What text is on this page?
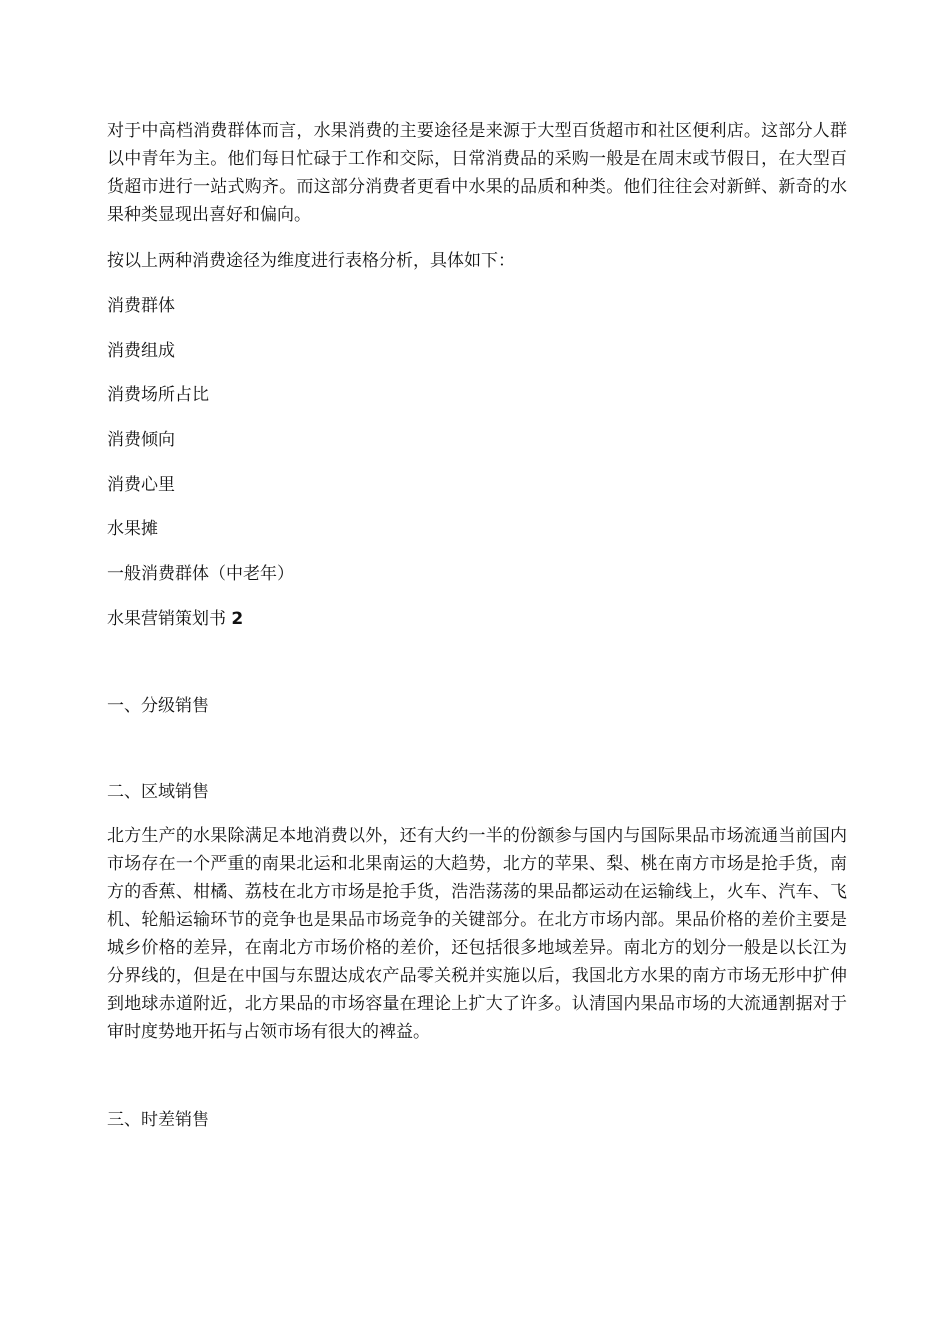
对于中高档消费群体而言，水果消费的主要途径是来源于大型百货超市和社区便利店。这部分人群以中青年为主。他们每日忙碌于工作和交际，日常消费品的采购一般是在周末或节假日，在大型百货超市进行一站式购齐。而这部分消费者更看中水果的品质和种类。他们往往会对新鲜、新奇的水果种类显现出喜好和偏向。

按以上两种消费途径为维度进行表格分析，具体如下：

消费群体

消费组成

消费场所占比

消费倾向

消费心里

水果摊

一般消费群体（中老年）

水果营销策划书 2

一、分级销售

二、区域销售

北方生产的水果除满足本地消费以外，还有大约一半的份额参与国内与国际果品市场流通当前国内市场存在一个严重的南果北运和北果南运的大趋势，北方的苹果、梨、桃在南方市场是抢手货，南方的香蕉、柑橘、荔枝在北方市场是抢手货，浩浩荡荡的果品都运动在运输线上，火车、汽车、飞机、轮船运输环节的竞争也是果品市场竞争的关键部分。在北方市场内部。果品价格的差价主要是城乡价格的差异，在南北方市场价格的差价，还包括很多地域差异。南北方的划分一般是以长江为分界线的，但是在中国与东盟达成农产品零关税并实施以后，我国北方水果的南方市场无形中扩伸到地球赤道附近，北方果品的市场容量在理论上扩大了许多。认清国内果品市场的大流通割据对于审时度势地开拓与占领市场有很大的裨益。

三、时差销售
